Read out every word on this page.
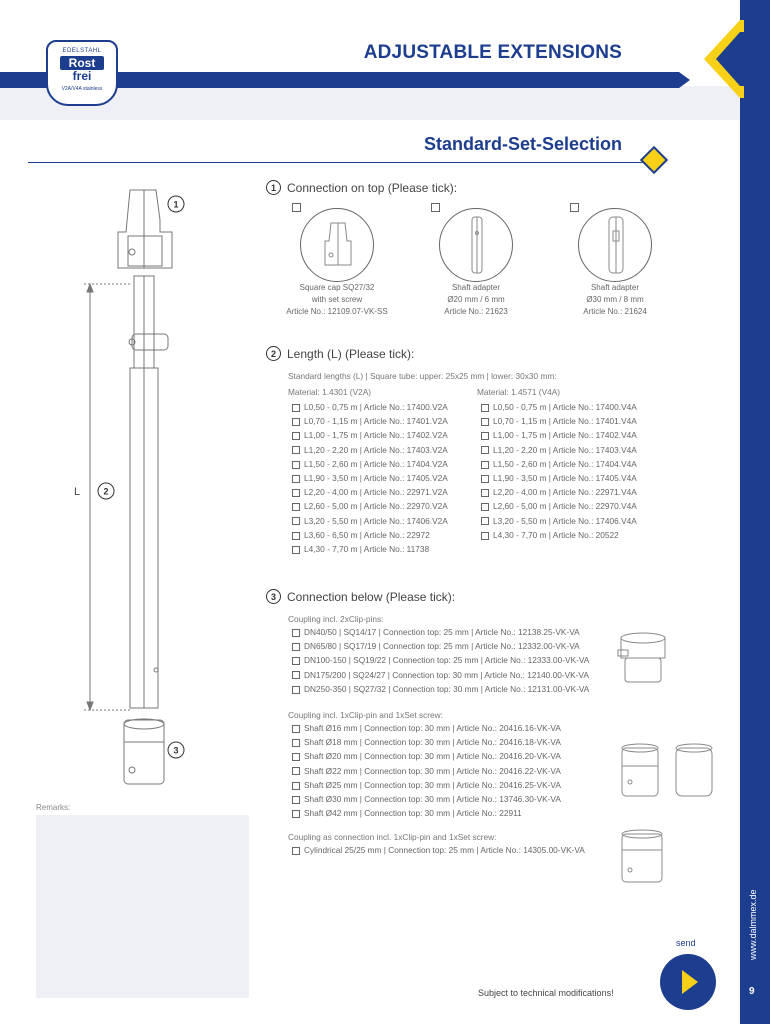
ADJUSTABLE EXTENSIONS
EDELSTAHL
Rost
frei
V2A/V4A stainless
www.dalmmex.de
9
Standard-Set-Selection
1
2
L
3
1 Connection on top (Please tick):
Square cap SQ27/32
with set screw
Article No.: 12109.07-VK-SS
Shaft adapter
Ø20 mm / 6 mm
Article No.: 21623
Shaft adapter
Ø30 mm / 8 mm
Article No.: 21624
2 Length (L) (Please tick):
Standard lengths (L) | Square tube: upper: 25x25 mm | lower: 30x30 mm:
Material: 1.4301 (V2A)	Material: 1.4571 (V4A)
L0,50 - 0,75 m | Article No.: 17400.V2A
L0,70 - 1,15 m | Article No.: 17401.V2A
L1,00 - 1,75 m | Article No.: 17402.V2A
L1,20 - 2,20 m | Article No.: 17403.V2A
L1,50 - 2,60 m | Article No.: 17404.V2A
L1,90 - 3,50 m | Article No.: 17405.V2A
L2,20 - 4,00 m | Article No.: 22971.V2A
L2,60 - 5,00 m | Article No.: 22970.V2A
L3,20 - 5,50 m | Article No.: 17406.V2A
L3,60 - 6,50 m | Article No.: 22972
L4,30 - 7,70 m | Article No.: 11738
L0,50 - 0,75 m | Article No.: 17400.V4A
L0,70 - 1,15 m | Article No.: 17401.V4A
L1,00 - 1,75 m | Article No.: 17402.V4A
L1,20 - 2,20 m | Article No.: 17403.V4A
L1,50 - 2,60 m | Article No.: 17404.V4A
L1,90 - 3,50 m | Article No.: 17405.V4A
L2,20 - 4,00 m | Article No.: 22971.V4A
L2,60 - 5,00 m | Article No.: 22970.V4A
L3,20 - 5,50 m | Article No.: 17406.V4A
L4,30 - 7,70 m | Article No.: 20522
3 Connection below (Please tick):
Coupling incl. 2xClip-pins:
DN40/50 | SQ14/17 | Connection top: 25 mm | Article No.: 12138.25-VK-VA
DN65/80 | SQ17/19 | Connection top: 25 mm | Article No.: 12332.00-VK-VA
DN100-150 | SQ19/22 | Connection top: 25 mm | Article No.: 12333.00-VK-VA
DN175/200 | SQ24/27 | Connection top: 30 mm | Article No.: 12140.00-VK-VA
DN250-350 | SQ27/32 | Connection top: 30 mm | Article No.: 12131.00-VK-VA
Coupling incl. 1xClip-pin and 1xSet screw:
Shaft Ø16 mm | Connection top: 30 mm | Article No.: 20416.16-VK-VA
Shaft Ø18 mm | Connection top: 30 mm | Article No.: 20416.18-VK-VA
Shaft Ø20 mm | Connection top: 30 mm | Article No.: 20416.20-VK-VA
Shaft Ø22 mm | Connection top: 30 mm | Article No.: 20416.22-VK-VA
Shaft Ø25 mm | Connection top: 30 mm | Article No.: 20416.25-VK-VA
Shaft Ø30 mm | Connection top: 30 mm | Article No.: 13746.30-VK-VA
Shaft Ø42 mm | Connection top: 30 mm | Article No.: 22911
Coupling as connection incl. 1xClip-pin and 1xSet screw:
Cylindrical 25/25 mm | Connection top: 25 mm | Article No.: 14305.00-VK-VA
Remarks:
send
Subject to technical modifications!
